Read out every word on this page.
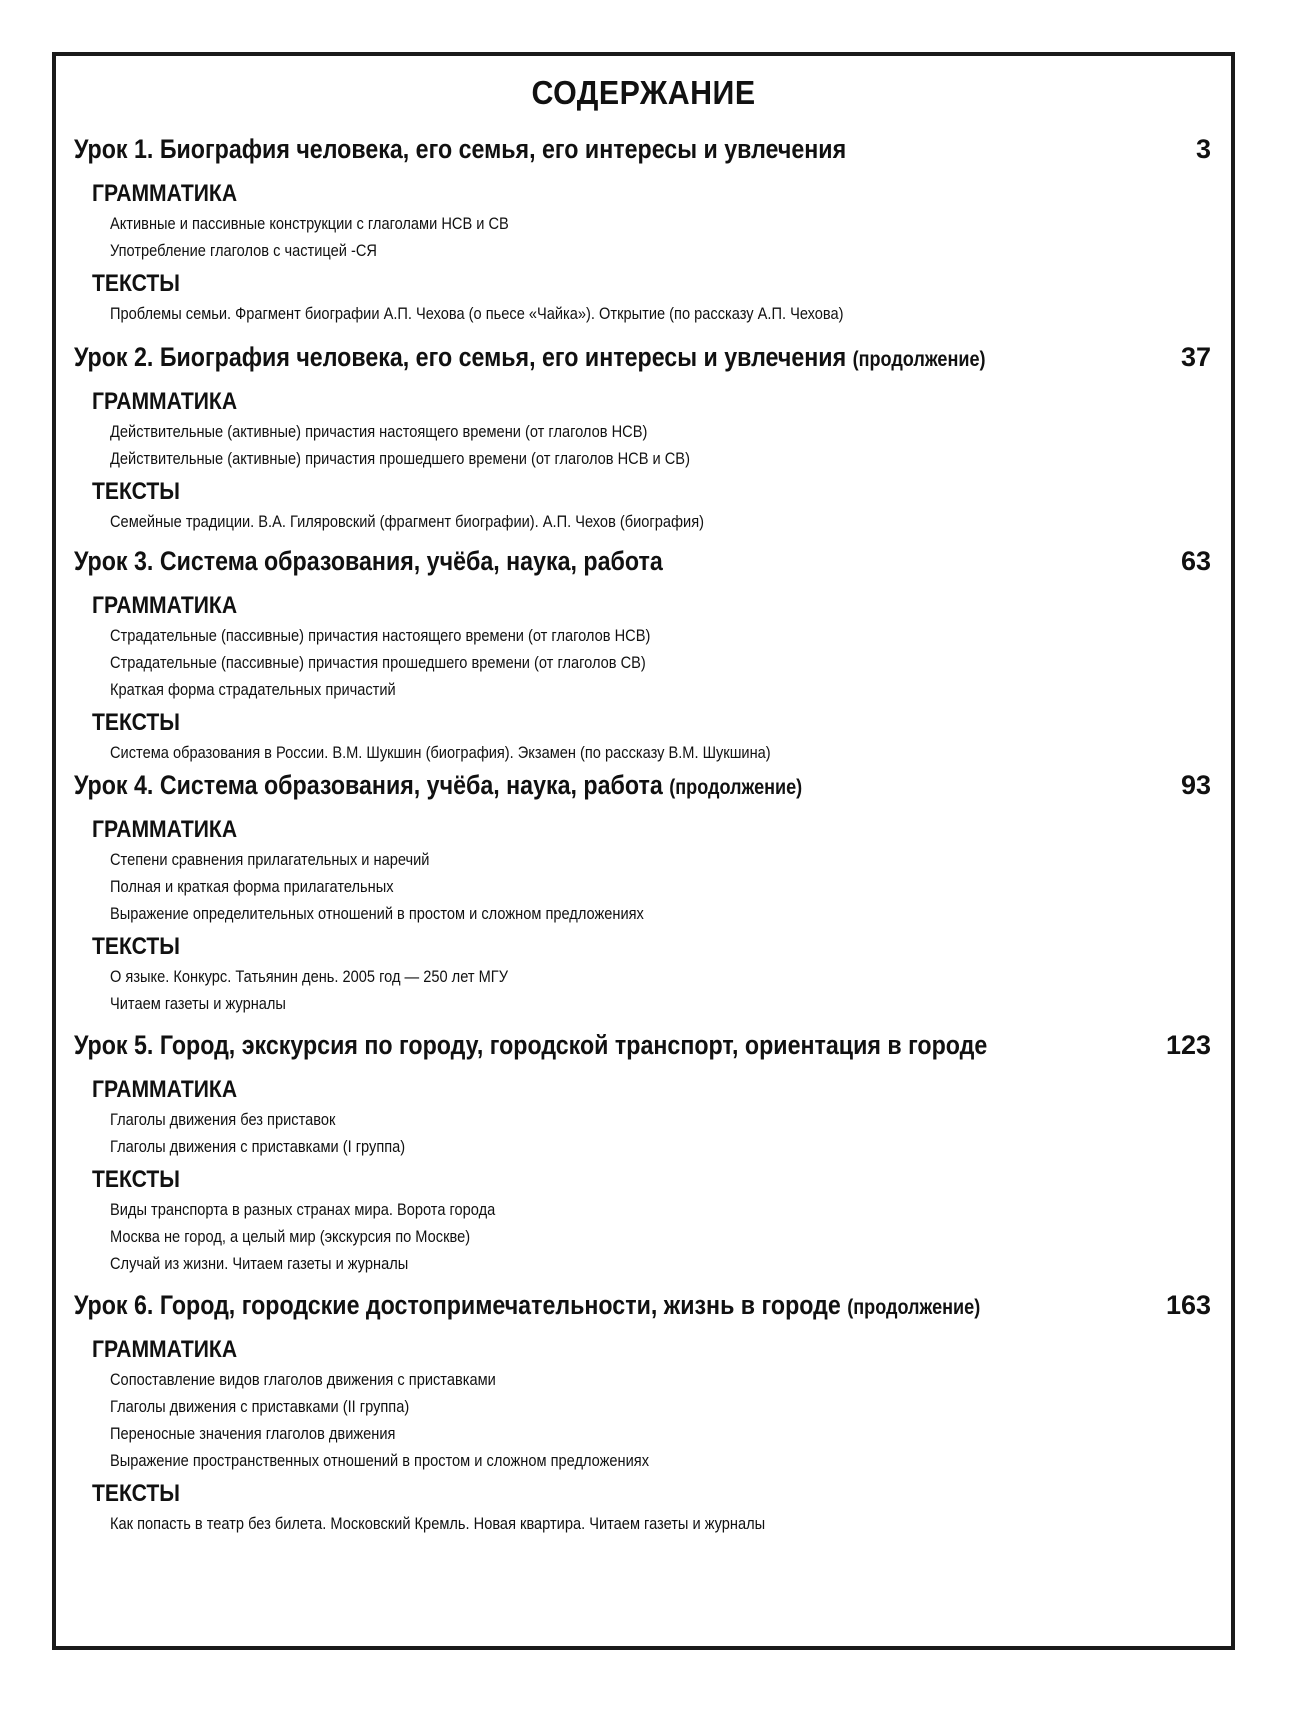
СОДЕРЖАНИЕ
Урок 1. Биография человека, его семья, его интересы и увлечения	3
ГРАММАТИКА
Активные и пассивные конструкции с глаголами НСВ и СВ
Употребление глаголов с частицей -СЯ
ТЕКСТЫ
Проблемы семьи. Фрагмент биографии А.П. Чехова (о пьесе «Чайка»). Открытие (по рассказу А.П. Чехова)
Урок 2. Биография человека, его семья, его интересы и увлечения (продолжение)	37
ГРАММАТИКА
Действительные (активные) причастия настоящего времени (от глаголов НСВ)
Действительные (активные) причастия прошедшего времени (от глаголов НСВ и СВ)
ТЕКСТЫ
Семейные традиции. В.А. Гиляровский (фрагмент биографии). А.П. Чехов (биография)
Урок 3. Система образования, учёба, наука, работа	63
ГРАММАТИКА
Страдательные (пассивные) причастия настоящего времени (от глаголов НСВ)
Страдательные (пассивные) причастия прошедшего времени (от глаголов СВ)
Краткая форма страдательных причастий
ТЕКСТЫ
Система образования в России. В.М. Шукшин (биография). Экзамен (по рассказу В.М. Шукшина)
Урок 4. Система образования, учёба, наука, работа (продолжение)	93
ГРАММАТИКА
Степени сравнения прилагательных и наречий
Полная и краткая форма прилагательных
Выражение определительных отношений в простом и сложном предложениях
ТЕКСТЫ
О языке. Конкурс. Татьянин день. 2005 год — 250 лет МГУ
Читаем газеты и журналы
Урок 5. Город, экскурсия по городу, городской транспорт, ориентация в городе	123
ГРАММАТИКА
Глаголы движения без приставок
Глаголы движения с приставками (I группа)
ТЕКСТЫ
Виды транспорта в разных странах мира. Ворота города
Москва не город, а целый мир (экскурсия по Москве)
Случай из жизни. Читаем газеты и журналы
Урок 6. Город, городские достопримечательности, жизнь в городе (продолжение)	163
ГРАММАТИКА
Сопоставление видов глаголов движения с приставками
Глаголы движения с приставками (II группа)
Переносные значения глаголов движения
Выражение пространственных отношений в простом и сложном предложениях
ТЕКСТЫ
Как попасть в театр без билета. Московский Кремль. Новая квартира. Читаем газеты и журналы
